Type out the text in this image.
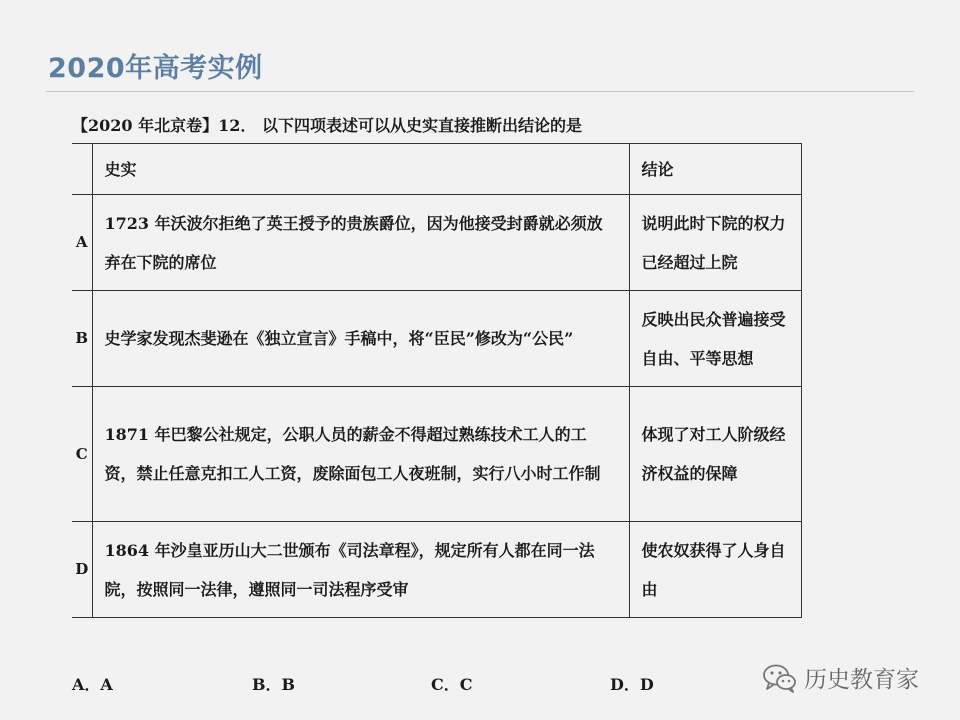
2020年高考实例
【2020 年北京卷】12． 以下四项表述可以从史实直接推断出结论的是
	史实	结论
A	1723 年沃波尔拒绝了英王授予的贵族爵位，因为他接受封爵就必须放弃在下院的席位	说明此时下院的权力已经超过上院
B	史学家发现杰斐逊在《独立宣言》手稿中，将“臣民”修改为“公民”	反映出民众普遍接受自由、平等思想
C	1871 年巴黎公社规定，公职人员的薪金不得超过熟练技术工人的工资，禁止任意克扣工人工资，废除面包工人夜班制，实行八小时工作制	体现了对工人阶级经济权益的保障
D	1864 年沙皇亚历山大二世颁布《司法章程》，规定所有人都在同一法院，按照同一法律，遵照同一司法程序受审	使农奴获得了人身自由
A．A	B．B	C．C	D．D	历史教育家
